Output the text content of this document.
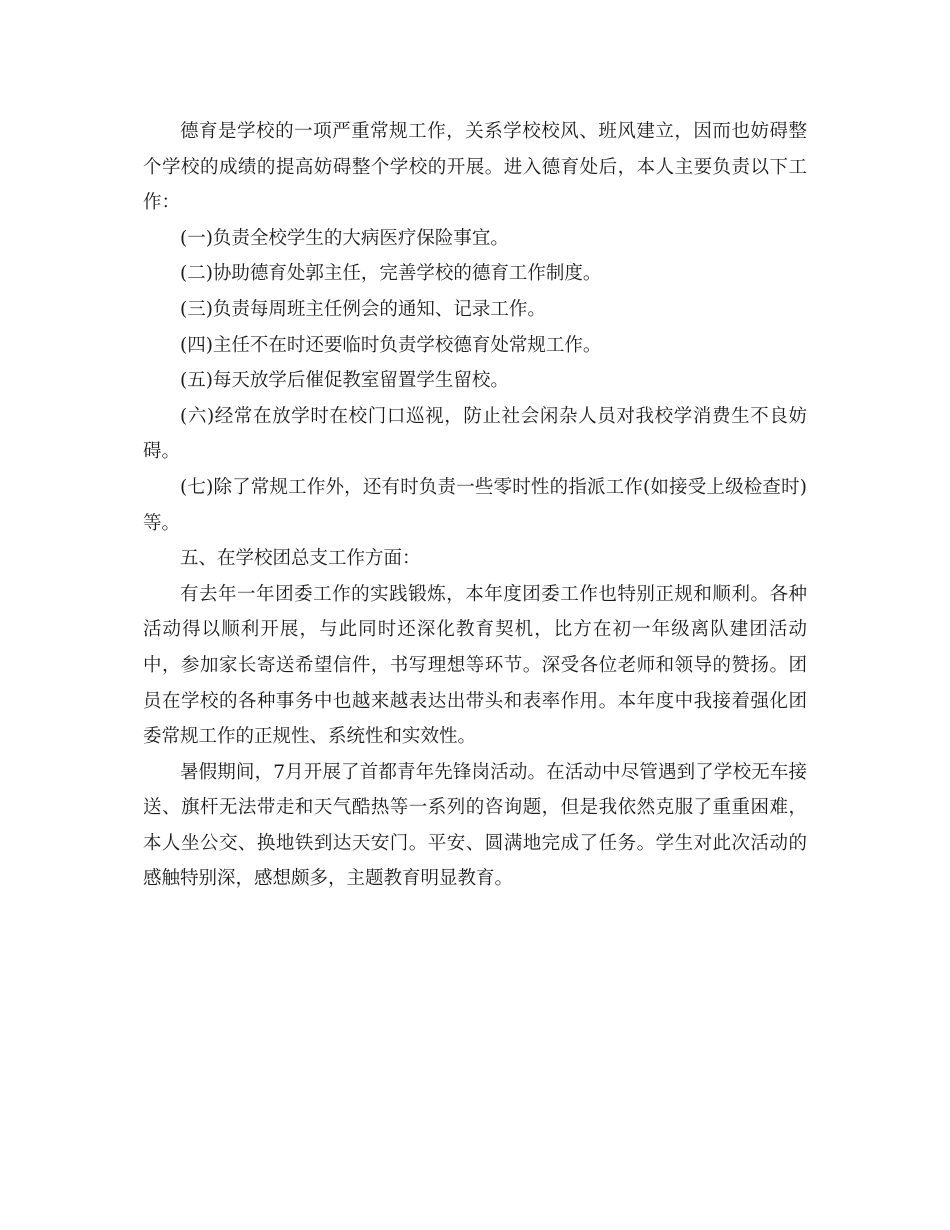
德育是学校的一项严重常规工作，关系学校校风、班风建立，因而也妨碍整个学校的成绩的提高妨碍整个学校的开展。进入德育处后，本人主要负责以下工作：

(一)负责全校学生的大病医疗保险事宜。

(二)协助德育处郭主任，完善学校的德育工作制度。

(三)负责每周班主任例会的通知、记录工作。

(四)主任不在时还要临时负责学校德育处常规工作。

(五)每天放学后催促教室留置学生留校。

(六)经常在放学时在校门口巡视，防止社会闲杂人员对我校学消费生不良妨碍。

(七)除了常规工作外，还有时负责一些零时性的指派工作(如接受上级检查时)等。

五、在学校团总支工作方面：

有去年一年团委工作的实践锻炼，本年度团委工作也特别正规和顺利。各种活动得以顺利开展，与此同时还深化教育契机，比方在初一年级离队建团活动中，参加家长寄送希望信件，书写理想等环节。深受各位老师和领导的赞扬。团员在学校的各种事务中也越来越表达出带头和表率作用。本年度中我接着强化团委常规工作的正规性、系统性和实效性。

暑假期间，7月开展了首都青年先锋岗活动。在活动中尽管遇到了学校无车接送、旗杆无法带走和天气酷热等一系列的咨询题，但是我依然克服了重重困难，本人坐公交、换地铁到达天安门。平安、圆满地完成了任务。学生对此次活动的感触特别深，感想颇多，主题教育明显教育。
